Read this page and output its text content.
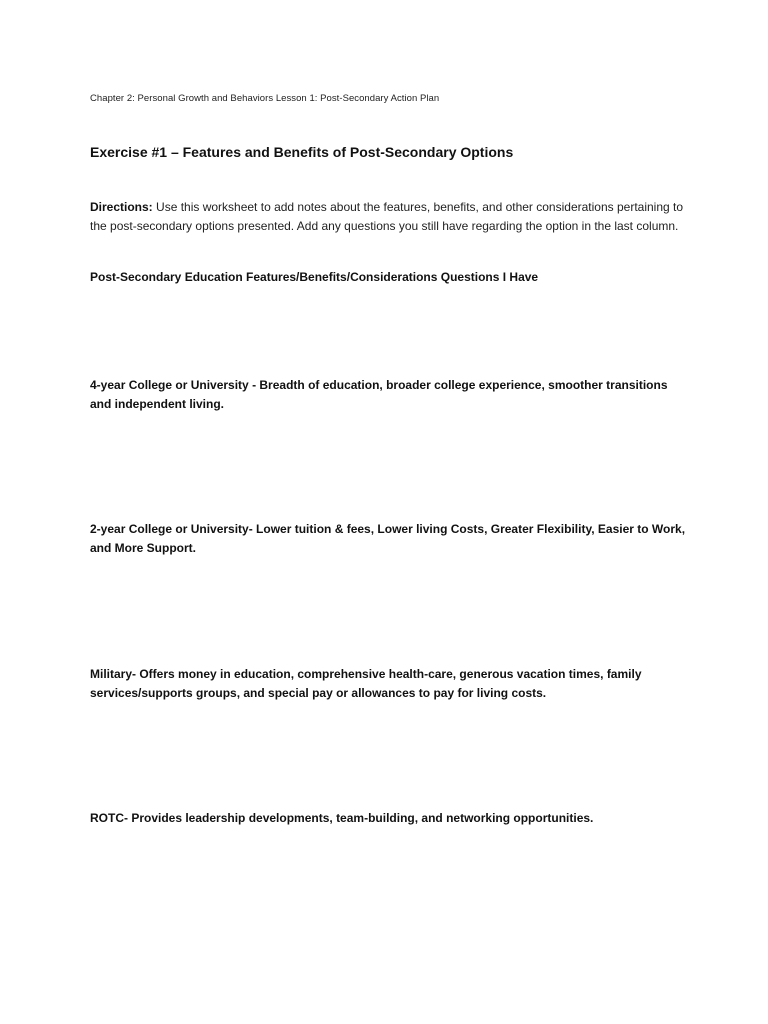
Chapter 2: Personal Growth and Behaviors Lesson 1: Post-Secondary Action Plan
Exercise #1 – Features and Benefits of Post-Secondary Options
Directions: Use this worksheet to add notes about the features, benefits, and other considerations pertaining to the post-secondary options presented. Add any questions you still have regarding the option in the last column.
Post-Secondary Education Features/Benefits/Considerations Questions I Have
4-year College or University - Breadth of education, broader college experience, smoother transitions and independent living.
2-year College or University- Lower tuition & fees, Lower living Costs, Greater Flexibility, Easier to Work, and More Support.
Military- Offers money in education, comprehensive health-care, generous vacation times, family services/supports groups, and special pay or allowances to pay for living costs.
ROTC- Provides leadership developments, team-building, and networking opportunities.
